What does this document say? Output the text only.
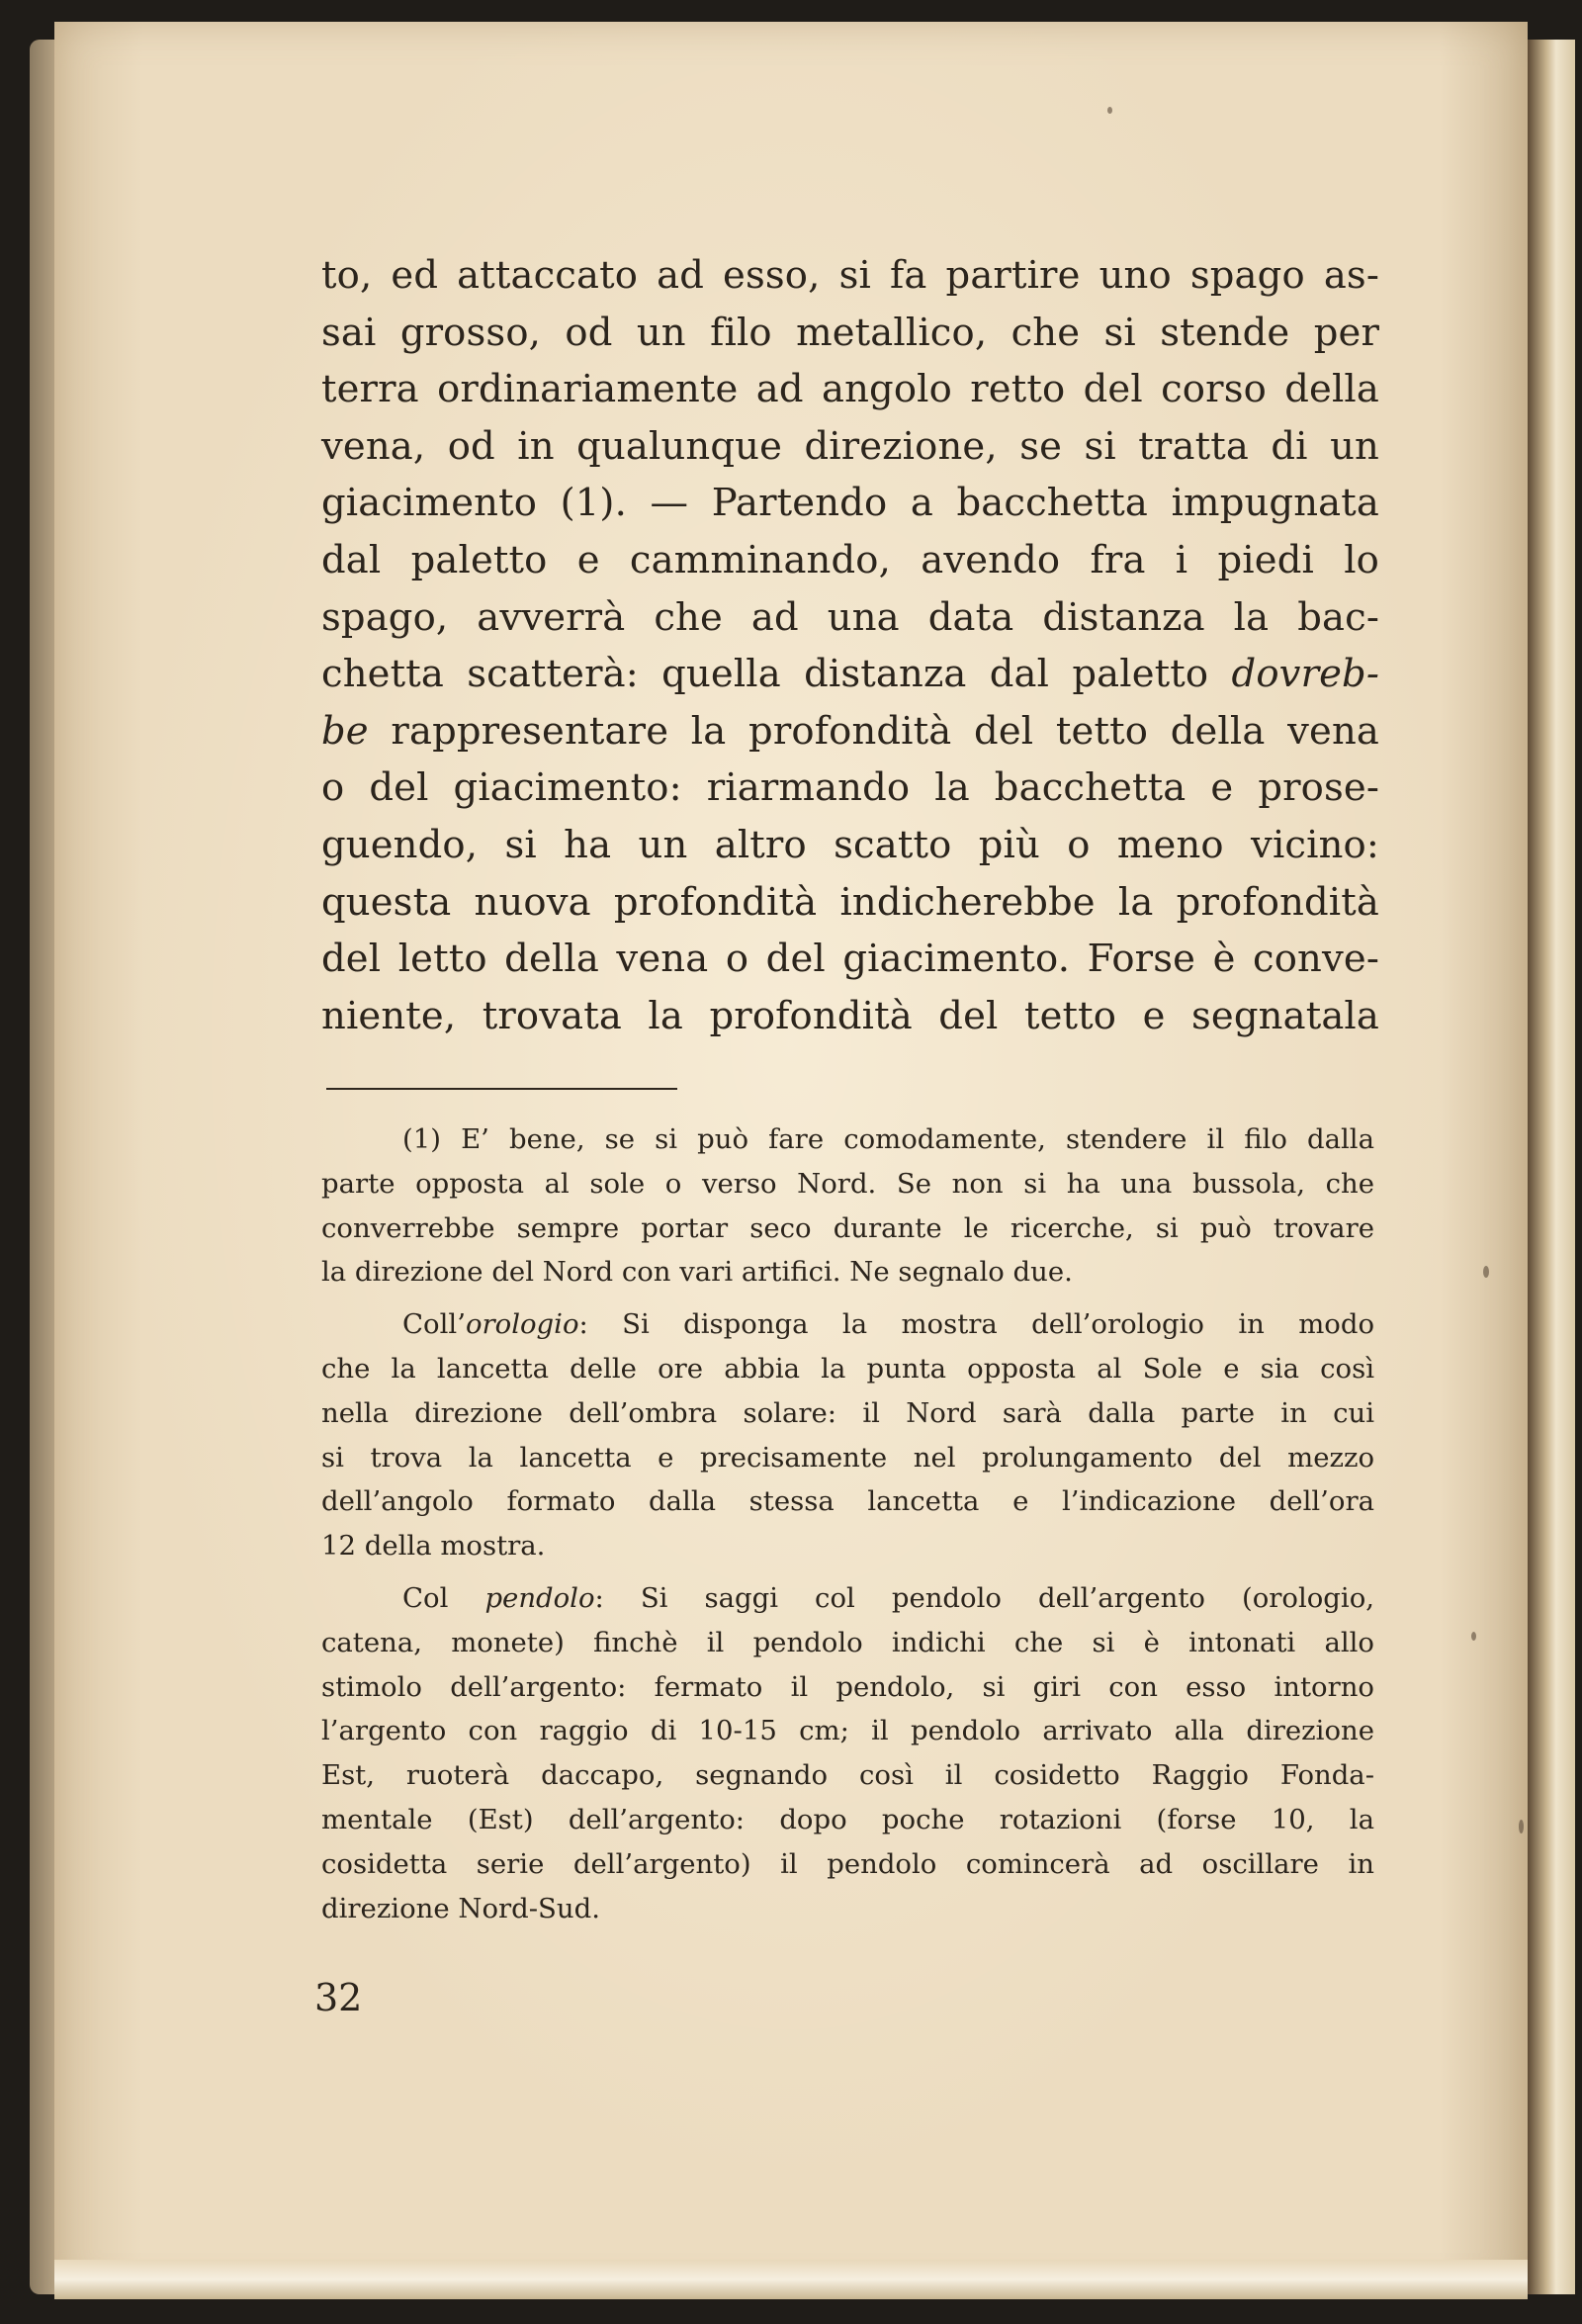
to, ed attaccato ad esso, si fa partire uno spago as-
sai grosso, od un filo metallico, che si stende per
terra ordinariamente ad angolo retto del corso della
vena, od in qualunque direzione, se si tratta di un
giacimento (1). — Partendo a bacchetta impugnata
dal paletto e camminando, avendo fra i piedi lo
spago, avverrà che ad una data distanza la bac-
chetta scatterà: quella distanza dal paletto dovreb-
be rappresentare la profondità del tetto della vena
o del giacimento: riarmando la bacchetta e prose-
guendo, si ha un altro scatto più o meno vicino:
questa nuova profondità indicherebbe la profondità
del letto della vena o del giacimento. Forse è conve-
niente, trovata la profondità del tetto e segnatala

(1) E’ bene, se si può fare comodamente, stendere il filo dalla
parte opposta al sole o verso Nord. Se non si ha una bussola, che
converrebbe sempre portar seco durante le ricerche, si può trovare
la direzione del Nord con vari artifici. Ne segnalo due.
Coll’orologio: Si disponga la mostra dell’orologio in modo
che la lancetta delle ore abbia la punta opposta al Sole e sia così
nella direzione dell’ombra solare: il Nord sarà dalla parte in cui
si trova la lancetta e precisamente nel prolungamento del mezzo
dell’angolo formato dalla stessa lancetta e l’indicazione dell’ora
12 della mostra.
Col pendolo: Si saggi col pendolo dell’argento (orologio,
catena, monete) finchè il pendolo indichi che si è intonati allo
stimolo dell’argento: fermato il pendolo, si giri con esso intorno
l’argento con raggio di 10-15 cm; il pendolo arrivato alla direzione
Est, ruoterà daccapo, segnando così il cosidetto Raggio Fonda-
mentale (Est) dell’argento: dopo poche rotazioni (forse 10, la
cosidetta serie dell’argento) il pendolo comincerà ad oscillare in
direzione Nord-Sud.
32
